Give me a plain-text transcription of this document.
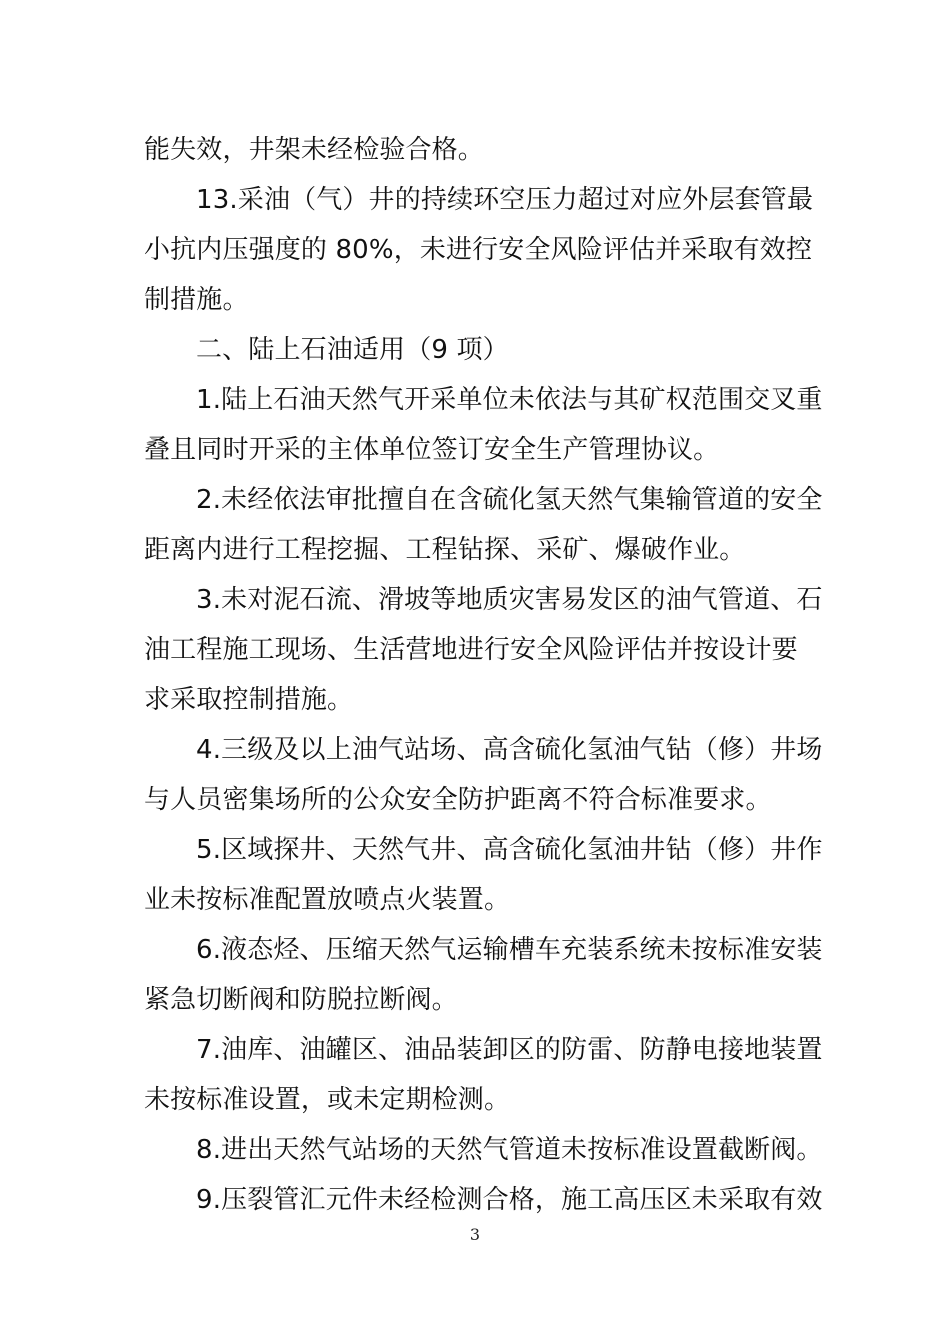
能失效，井架未经检验合格。
13.采油（气）井的持续环空压力超过对应外层套管最
小抗内压强度的 80%，未进行安全风险评估并采取有效控
制措施。
二、陆上石油适用（9 项）
1.陆上石油天然气开采单位未依法与其矿权范围交叉重
叠且同时开采的主体单位签订安全生产管理协议。
2.未经依法审批擅自在含硫化氢天然气集输管道的安全
距离内进行工程挖掘、工程钻探、采矿、爆破作业。
3.未对泥石流、滑坡等地质灾害易发区的油气管道、石
油工程施工现场、生活营地进行安全风险评估并按设计要
求采取控制措施。
4.三级及以上油气站场、高含硫化氢油气钻（修）井场
与人员密集场所的公众安全防护距离不符合标准要求。
5.区域探井、天然气井、高含硫化氢油井钻（修）井作
业未按标准配置放喷点火装置。
6.液态烃、压缩天然气运输槽车充装系统未按标准安装
紧急切断阀和防脱拉断阀。
7.油库、油罐区、油品装卸区的防雷、防静电接地装置
未按标准设置，或未定期检测。
8.进出天然气站场的天然气管道未按标准设置截断阀。
9.压裂管汇元件未经检测合格，施工高压区未采取有效
3
